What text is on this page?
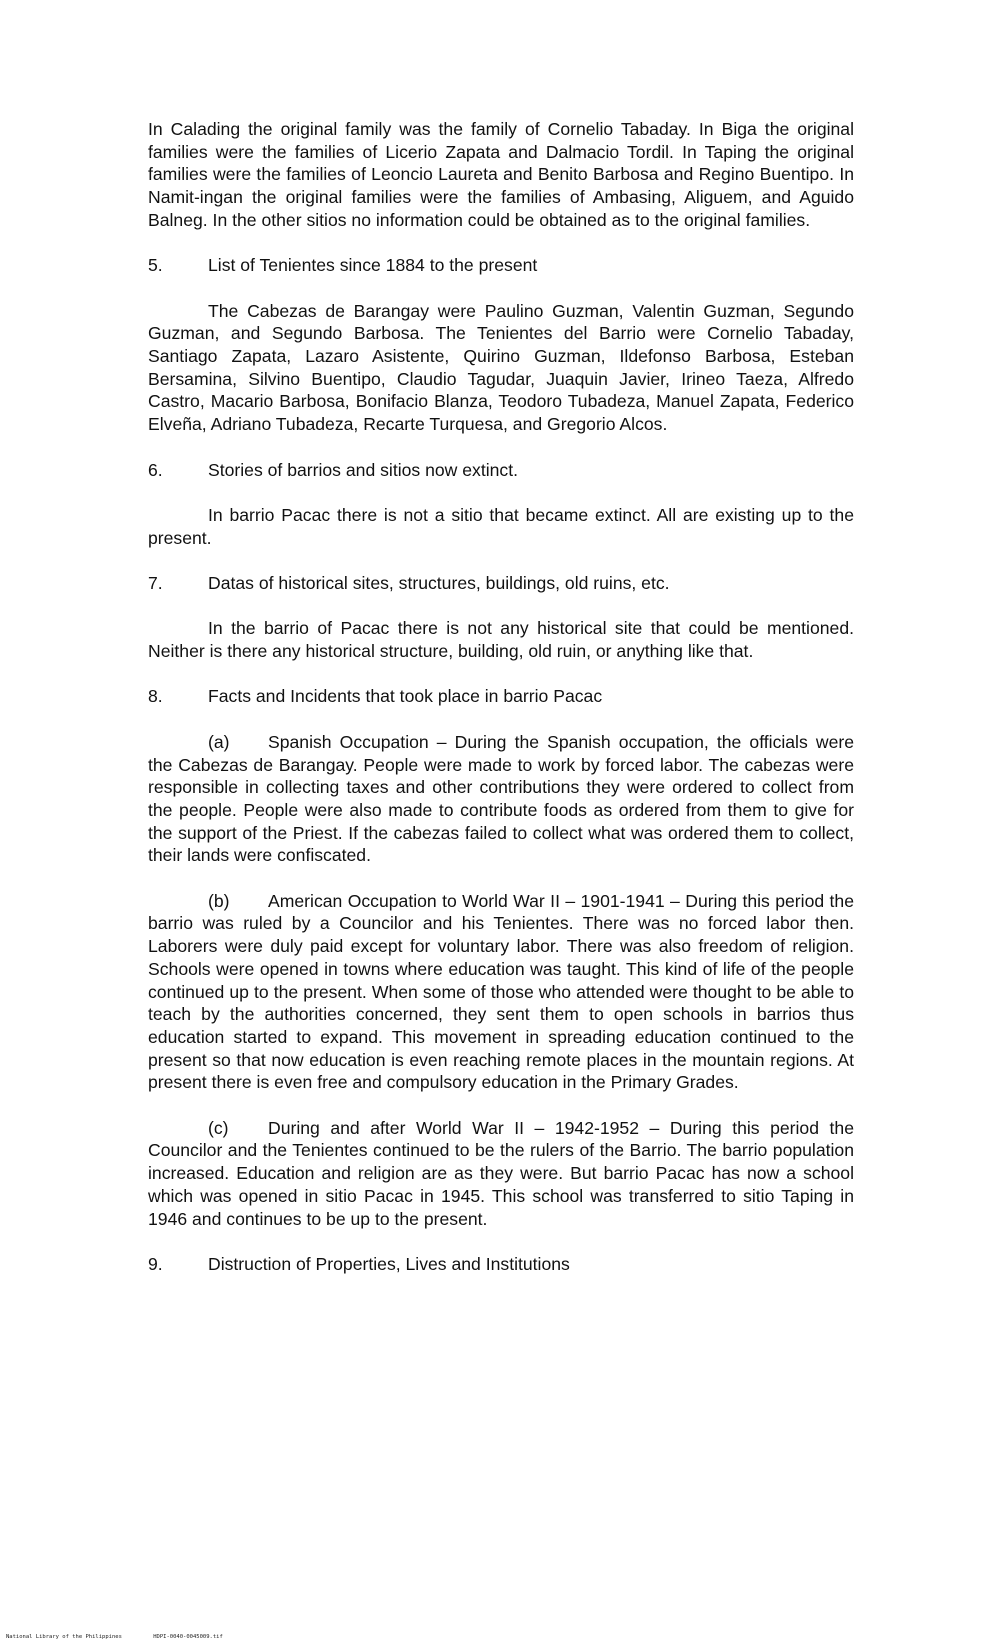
In Calading the original family was the family of Cornelio Tabaday. In Biga the original families were the families of Licerio Zapata and Dalmacio Tordil. In Taping the original families were the families of Leoncio Laureta and Benito Barbosa and Regino Buentipo. In Namit-ingan the original families were the families of Ambasing, Aliguem, and Aguido Balneg. In the other sitios no information could be obtained as to the original families.

5.	List of Tenientes since 1884 to the present

The Cabezas de Barangay were Paulino Guzman, Valentin Guzman, Segundo Guzman, and Segundo Barbosa. The Tenientes del Barrio were Cornelio Tabaday, Santiago Zapata, Lazaro Asistente, Quirino Guzman, Ildefonso Barbosa, Esteban Bersamina, Silvino Buentipo, Claudio Tagudar, Juaquin Javier, Irineo Taeza, Alfredo Castro, Macario Barbosa, Bonifacio Blanza, Teodoro Tubadeza, Manuel Zapata, Federico Elveña, Adriano Tubadeza, Recarte Turquesa, and Gregorio Alcos.

6.	Stories of barrios and sitios now extinct.

In barrio Pacac there is not a sitio that became extinct. All are existing up to the present.

7.	Datas of historical sites, structures, buildings, old ruins, etc.

In the barrio of Pacac there is not any historical site that could be mentioned. Neither is there any historical structure, building, old ruin, or anything like that.

8.	Facts and Incidents that took place in barrio Pacac

(a) Spanish Occupation – During the Spanish occupation, the officials were the Cabezas de Barangay. People were made to work by forced labor. The cabezas were responsible in collecting taxes and other contributions they were ordered to collect from the people. People were also made to contribute foods as ordered from them to give for the support of the Priest. If the cabezas failed to collect what was ordered them to collect, their lands were confiscated.

(b) American Occupation to World War II – 1901-1941 – During this period the barrio was ruled by a Councilor and his Tenientes. There was no forced labor then. Laborers were duly paid except for voluntary labor. There was also freedom of religion. Schools were opened in towns where education was taught. This kind of life of the people continued up to the present. When some of those who attended were thought to be able to teach by the authorities concerned, they sent them to open schools in barrios thus education started to expand. This movement in spreading education continued to the present so that now education is even reaching remote places in the mountain regions. At present there is even free and compulsory education in the Primary Grades.

(c) During and after World War II – 1942-1952 – During this period the Councilor and the Tenientes continued to be the rulers of the Barrio. The barrio population increased. Education and religion are as they were. But barrio Pacac has now a school which was opened in sitio Pacac in 1945. This school was transferred to sitio Taping in 1946 and continues to be up to the present.

9.	Distruction of Properties, Lives and Institutions
National Library of the Philippines	HDPI-0040-0045009.tif
